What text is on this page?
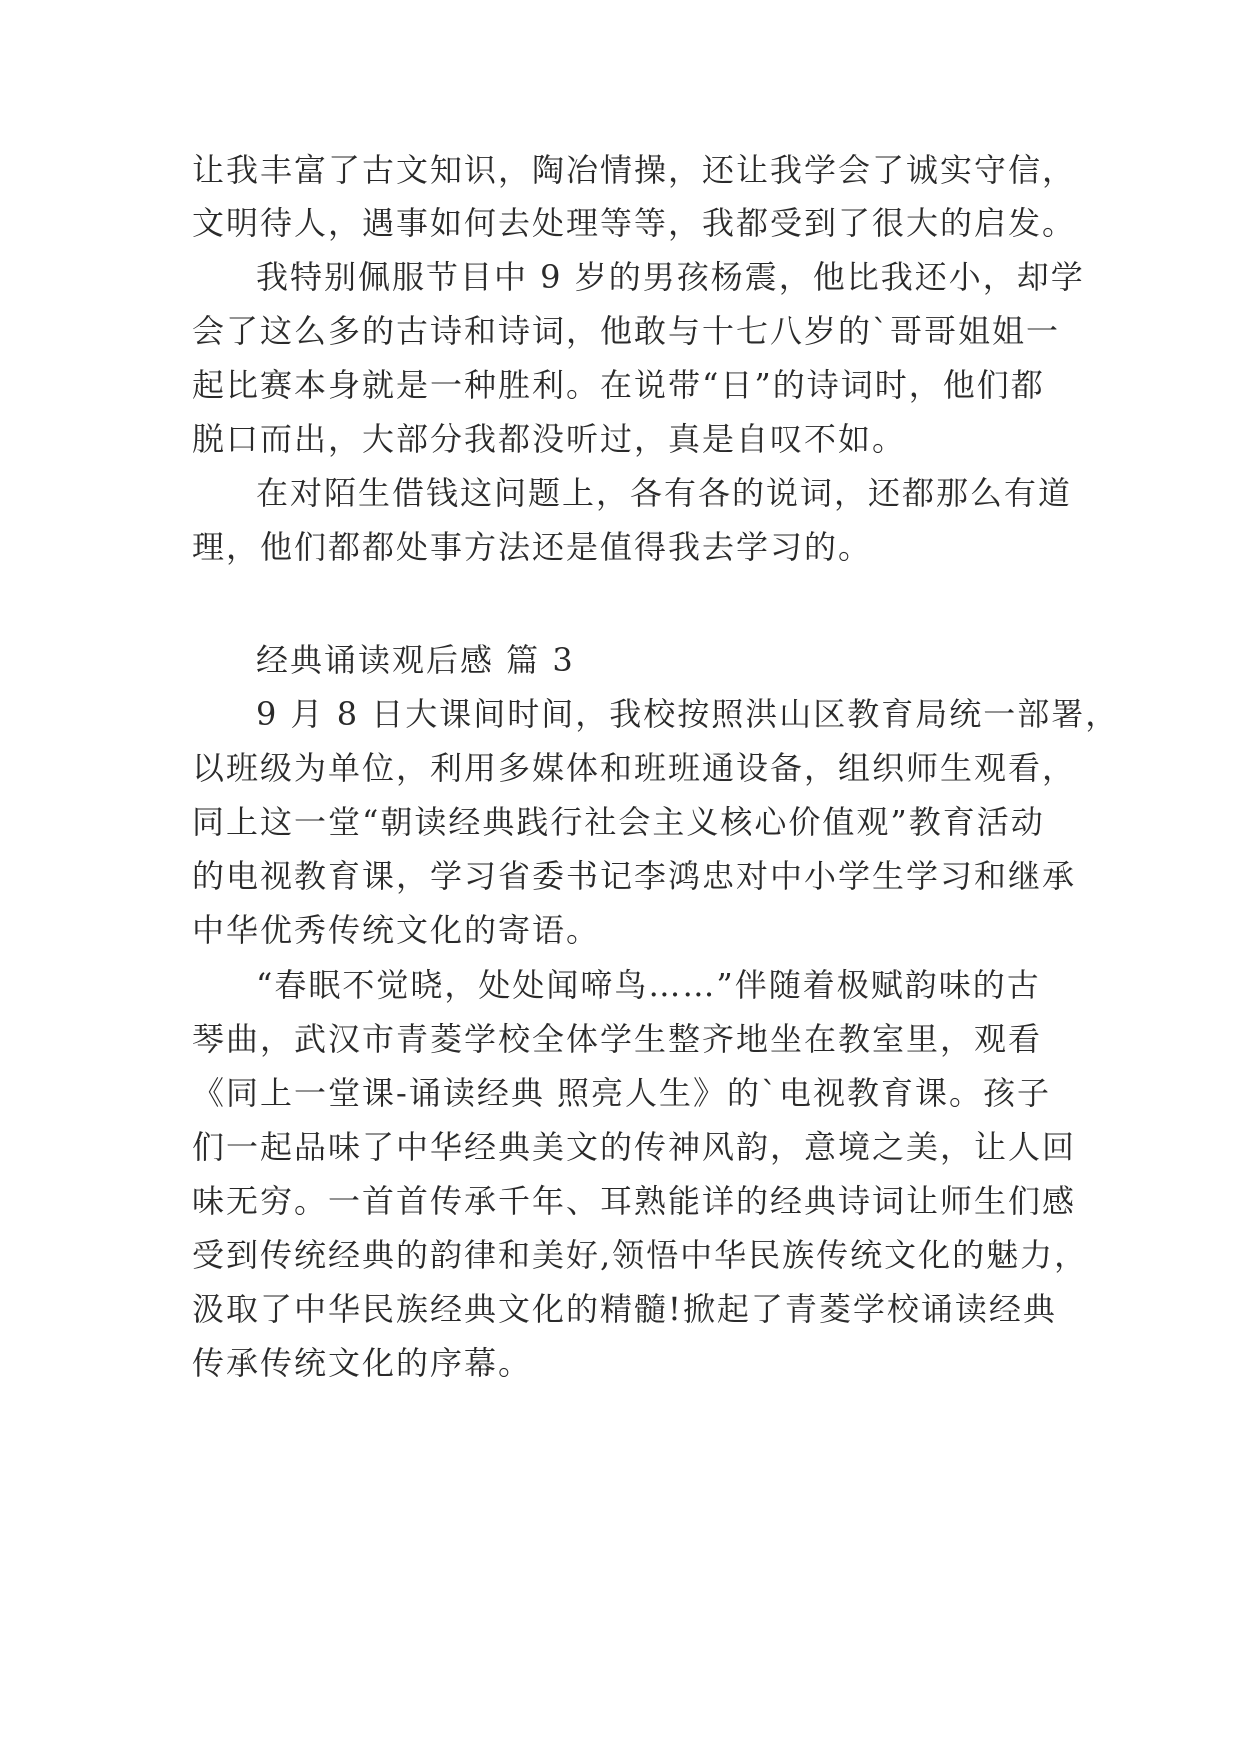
让我丰富了古文知识，陶冶情操，还让我学会了诚实守信，
文明待人，遇事如何去处理等等，我都受到了很大的启发。
我特别佩服节目中 9 岁的男孩杨震，他比我还小，却学
会了这么多的古诗和诗词，他敢与十七八岁的`哥哥姐姐一
起比赛本身就是一种胜利。在说带“日”的诗词时，他们都
脱口而出，大部分我都没听过，真是自叹不如。
在对陌生借钱这问题上，各有各的说词，还都那么有道
理，他们都都处事方法还是值得我去学习的。
经典诵读观后感 篇 3
9 月 8 日大课间时间，我校按照洪山区教育局统一部署，
以班级为单位，利用多媒体和班班通设备，组织师生观看，
同上这一堂“朝读经典践行社会主义核心价值观”教育活动
的电视教育课，学习省委书记李鸿忠对中小学生学习和继承
中华优秀传统文化的寄语。
“春眠不觉晓，处处闻啼鸟……”伴随着极赋韵味的古
琴曲，武汉市青菱学校全体学生整齐地坐在教室里，观看
《同上一堂课-诵读经典 照亮人生》的`电视教育课。孩子
们一起品味了中华经典美文的传神风韵，意境之美，让人回
味无穷。一首首传承千年、耳熟能详的经典诗词让师生们感
受到传统经典的韵律和美好,领悟中华民族传统文化的魅力，
汲取了中华民族经典文化的精髓!掀起了青菱学校诵读经典
传承传统文化的序幕。
